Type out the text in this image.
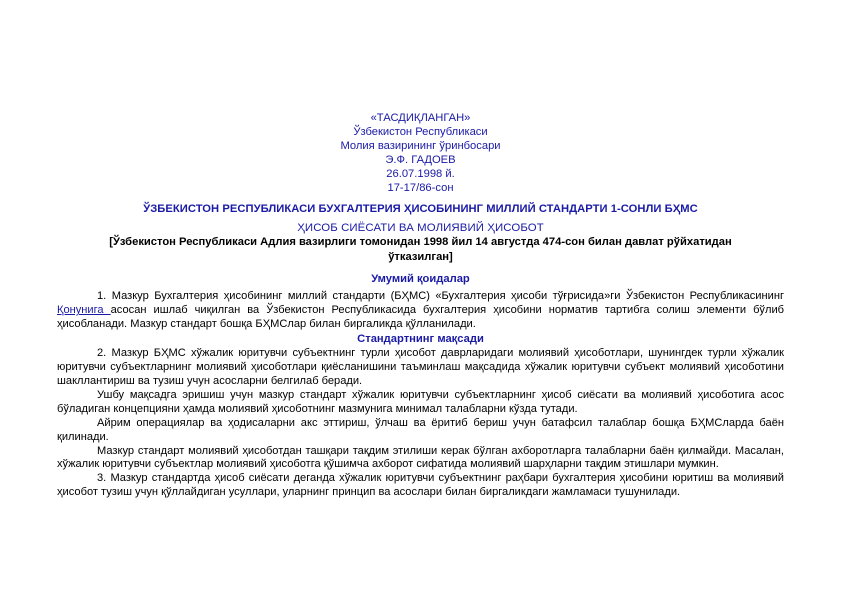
«ТАСДИҚЛАНГАН»
Ўзбекистон Республикаси
Молия вазирининг ўринбосари
Э.Ф. ГАДОЕВ
26.07.1998 й.
17-17/86-сон
ЎЗБЕКИСТОН РЕСПУБЛИКАСИ БУХГАЛТЕРИЯ ҲИСОБИНИНГ МИЛЛИЙ СТАНДАРТИ 1-СОНЛИ БҲМС
ҲИСОБ СИЁСАТИ ВА МОЛИЯВИЙ ҲИСОБОТ
[Ўзбекистон Республикаси Адлия вазирлиги томонидан 1998 йил 14 августда 474-сон билан давлат рўйхатидан ўтказилган]
Умумий қоидалар

1. Мазкур Бухгалтерия ҳисобининг миллий стандарти (БҲМС) «Бухгалтерия ҳисоби тўғрисида»ги Ўзбекистон Республикасининг Қонунига асосан ишлаб чиқилган ва Ўзбекистон Республикасида бухгалтерия ҳисобини норматив тартибга солиш элементи бўлиб ҳисобланади. Мазкур стандарт бошқа БҲМСлар билан биргаликда қўлланилади.

Стандартнинг мақсади

2. Мазкур БҲМС хўжалик юритувчи субъектнинг турли ҳисобот даврларидаги молиявий ҳисоботлари, шунингдек турли хўжалик юритувчи субъектларнинг молиявий ҳисоботлари қиёсланишини таъминлаш мақсадида хўжалик юритувчи субъект молиявий ҳисоботини шакллантириш ва тузиш учун асосларни белгилаб беради.

Ушбу мақсадга эришиш учун мазкур стандарт хўжалик юритувчи субъектларнинг ҳисоб сиёсати ва молиявий ҳисоботига асос бўладиган концепцияни ҳамда молиявий ҳисоботнинг мазмунига минимал талабларни кўзда тутади.

Айрим операциялар ва ҳодисаларни акс эттириш, ўлчаш ва ёритиб бериш учун батафсил талаблар бошқа БҲМСларда баён қилинади.

Мазкур стандарт молиявий ҳисоботдан ташқари тақдим этилиши керак бўлган ахборотларга талабларни баён қилмайди. Масалан, хўжалик юритувчи субъектлар молиявий ҳисоботга қўшимча ахборот сифатида молиявий шарҳларни тақдим этишлари мумкин.

3. Мазкур стандартда ҳисоб сиёсати деганда хўжалик юритувчи субъектнинг раҳбари бухгалтерия ҳисобини юритиш ва молиявий ҳисобот тузиш учун қўллайдиган усуллари, уларнинг принцип ва асослари билан биргаликдаги жамламаси тушунилади.
